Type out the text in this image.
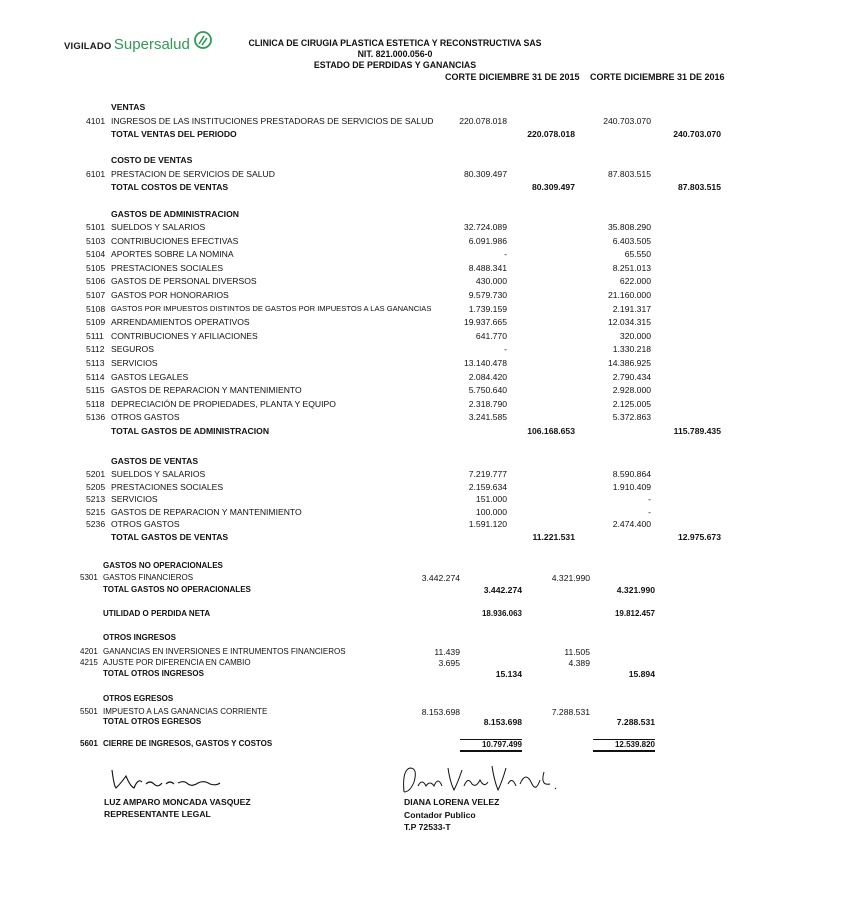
VIGILADO Supersalud	CLINICA DE CIRUGIA PLASTICA ESTETICA Y RECONSTRUCTIVA SAS
NIT. 821.000.056-0
ESTADO DE PERDIDAS Y GANANCIAS
CORTE DICIEMBRE 31 DE 2015 CORTE DICIEMBRE 31 DE 2016
VENTAS
4101 INGRESOS DE LAS INSTITUCIONES PRESTADORAS DE SERVICIOS DE SALUD	220.078.018	240.703.070
TOTAL VENTAS DEL PERIODO	220.078.018	240.703.070
COSTO DE VENTAS
6101 PRESTACION DE SERVICIOS DE SALUD	80.309.497	87.803.515
TOTAL COSTOS DE VENTAS	80.309.497	87.803.515
GASTOS DE ADMINISTRACION
5101 SUELDOS Y SALARIOS	32.724.089	35.808.290
5103 CONTRIBUCIONES EFECTIVAS	6.091.986	6.403.505
5104 APORTES SOBRE LA NOMINA	-	65.550
5105 PRESTACIONES SOCIALES	8.488.341	8.251.013
5106 GASTOS DE PERSONAL DIVERSOS	430.000	622.000
5107 GASTOS POR HONORARIOS	9.579.730	21.160.000
5108 GASTOS POR IMPUESTOS DISTINTOS DE GASTOS POR IMPUESTOS A LAS GANANCIAS	1.739.159	2.191.317
5109 ARRENDAMIENTOS OPERATIVOS	19.937.665	12.034.315
5111 CONTRIBUCIONES Y AFILIACIONES	641.770	320.000
5112 SEGUROS	-	1.330.218
5113 SERVICIOS	13.140.478	14.386.925
5114 GASTOS LEGALES	2.084.420	2.790.434
5115 GASTOS DE REPARACION Y MANTENIMIENTO	5.750.640	2.928.000
5118 DEPRECIACIÓN DE PROPIEDADES, PLANTA Y EQUIPO	2.318.790	2.125.005
5136 OTROS GASTOS	3.241.585	5.372.863
TOTAL GASTOS DE ADMINISTRACION	106.168.653	115.789.435
GASTOS DE VENTAS
5201 SUELDOS Y SALARIOS	7.219.777	8.590.864
5205 PRESTACIONES SOCIALES	2.159.634	1.910.409
5213 SERVICIOS	151.000	-
5215 GASTOS DE REPARACION Y MANTENIMIENTO	100.000	-
5236 OTROS GASTOS	1.591.120	2.474.400
TOTAL GASTOS DE VENTAS	11.221.531	12.975.673
GASTOS NO OPERACIONALES
5301 GASTOS FINANCIEROS	3.442.274	4.321.990
TOTAL GASTOS NO OPERACIONALES	3.442.274	4.321.990
UTILIDAD O PERDIDA NETA	18.936.063	19.812.457
OTROS INGRESOS
4201 GANANCIAS EN INVERSIONES E INTRUMENTOS FINANCIEROS	11.439	11.505
4215 AJUSTE POR DIFERENCIA EN CAMBIO	3.695	4.389
TOTAL OTROS INGRESOS	15.134	15.894
OTROS EGRESOS
5501 IMPUESTO A LAS GANANCIAS CORRIENTE	8.153.698	7.288.531
TOTAL OTROS EGRESOS	8.153.698	7.288.531
5601 CIERRE DE INGRESOS, GASTOS Y COSTOS	10.797.499	12.539.820
LUZ AMPARO MONCADA VASQUEZ
REPRESENTANTE LEGAL
DIANA LORENA VELEZ
Contador Publico
T.P 72533-T
